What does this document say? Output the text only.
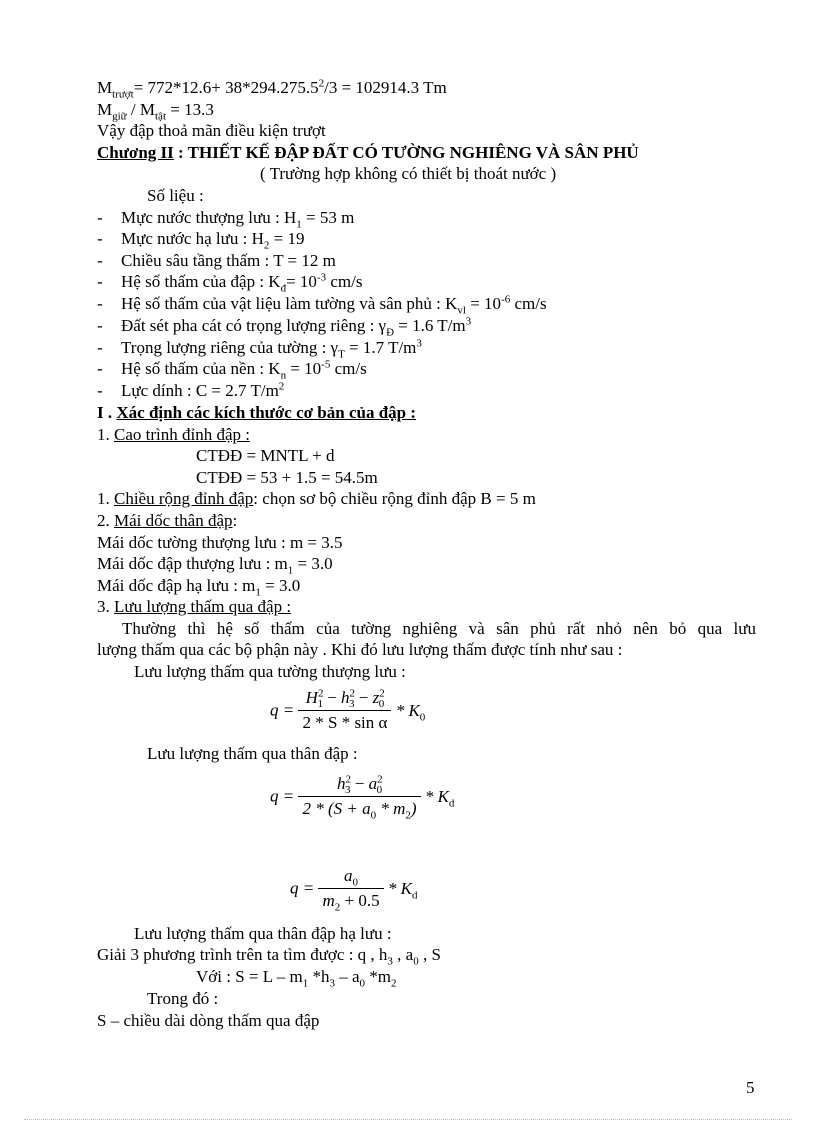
$M_{trượt}= 772*12.6+ 38*294.275.5^2/3 = 102914.3$ Tm
$M_{giữ} / M_{tật} = 13.3$
Vậy đập thoả mãn điều kiện trượt
Chương II : THIẾT KẾ ĐẬP ĐẤT CÓ TƯỜNG NGHIÊNG VÀ SÂN PHỦ
( Trường hợp không có thiết bị thoát nước )
Số liệu :
- Mực nước thượng lưu : $H_1 = 53$ m
- Mực nước hạ lưu : $H_2 = 19$
- Chiều sâu tầng thấm : T = 12 m
- Hệ số thấm của đập : $K_đ= 10^{-3}$ cm/s
- Hệ số thấm của vật liệu làm tường và sân phủ : $K_{vl} = 10^{-6}$ cm/s
- Đất sét pha cát có trọng lượng riêng : $\gamma_Đ = 1.6$ $T/m^3$
- Trọng lượng riêng của tường : $\gamma_T = 1.7$ $T/m^3$
- Hệ số thấm của nền : $K_n = 10^{-5}$ cm/s
- Lực dính : C = 2.7 $T/m^2$
I . Xác định các kích thước cơ bản của đập :
1. Cao trình đỉnh đập :
CTĐĐ = MNTL + d
CTĐĐ = 53 + 1.5 = 54.5m
1. Chiều rộng đỉnh đập: chọn sơ bộ chiều rộng đỉnh đập B = 5 m
2. Mái dốc thân đập:
Mái dốc tường thượng lưu : m = 3.5
Mái dốc đập thượng lưu : $m_1 = 3.0$
Mái dốc đập hạ lưu : $m_1 = 3.0$
3. Lưu lượng thấm qua đập :
Thường thì hệ số thấm của tường nghiêng và sân phủ rất nhỏ nên bỏ qua lưu
lượng thấm qua các bộ phận này . Khi đó lưu lượng thấm được tính như sau :
Lưu lượng thấm qua tường thượng lưu :
$q = \frac{H^2_1 - h^2_3 - z^2_0}{\text{2 * S * sin α}} * K_0$
Lưu lượng thấm qua thân đập :
$q = \frac{h^2_3 - a^2_0}{2 * (S + a_0 * m_2)} * K_d$
$q = \frac{a_0}{m_2 + 0.5} * K_d$
Lưu lượng thấm qua thân đập hạ lưu :
Giải 3 phương trình trên ta tìm được : q , $h_3$ , $a_0$ , S
Với : $S = L - m_1$ $*h_3 - a_0$ $*m_2$
Trong đó :
S – chiều dài dòng thấm qua đập
5
